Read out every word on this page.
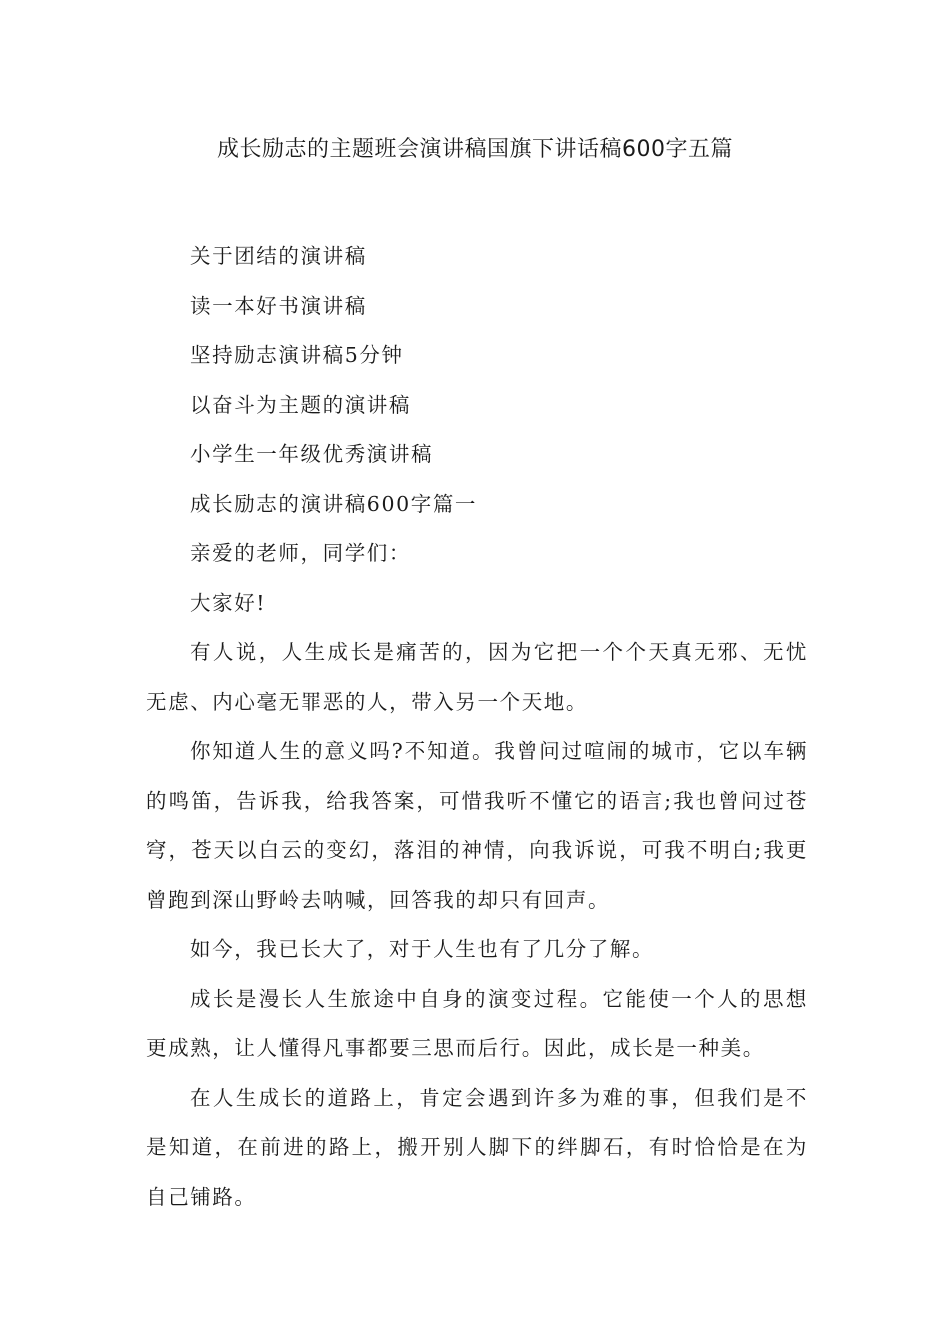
成长励志的主题班会演讲稿国旗下讲话稿600字五篇

关于团结的演讲稿

读一本好书演讲稿

坚持励志演讲稿5分钟

以奋斗为主题的演讲稿

小学生一年级优秀演讲稿

成长励志的演讲稿600字篇一

亲爱的老师，同学们：

大家好!

有人说，人生成长是痛苦的，因为它把一个个天真无邪、无忧无虑、内心毫无罪恶的人，带入另一个天地。

你知道人生的意义吗?不知道。我曾问过喧闹的城市，它以车辆的鸣笛，告诉我，给我答案，可惜我听不懂它的语言;我也曾问过苍穹，苍天以白云的变幻，落泪的神情，向我诉说，可我不明白;我更曾跑到深山野岭去呐喊，回答我的却只有回声。

如今，我已长大了，对于人生也有了几分了解。

成长是漫长人生旅途中自身的演变过程。它能使一个人的思想更成熟，让人懂得凡事都要三思而后行。因此，成长是一种美。

在人生成长的道路上，肯定会遇到许多为难的事，但我们是不是知道，在前进的路上，搬开别人脚下的绊脚石，有时恰恰是在为自己铺路。
